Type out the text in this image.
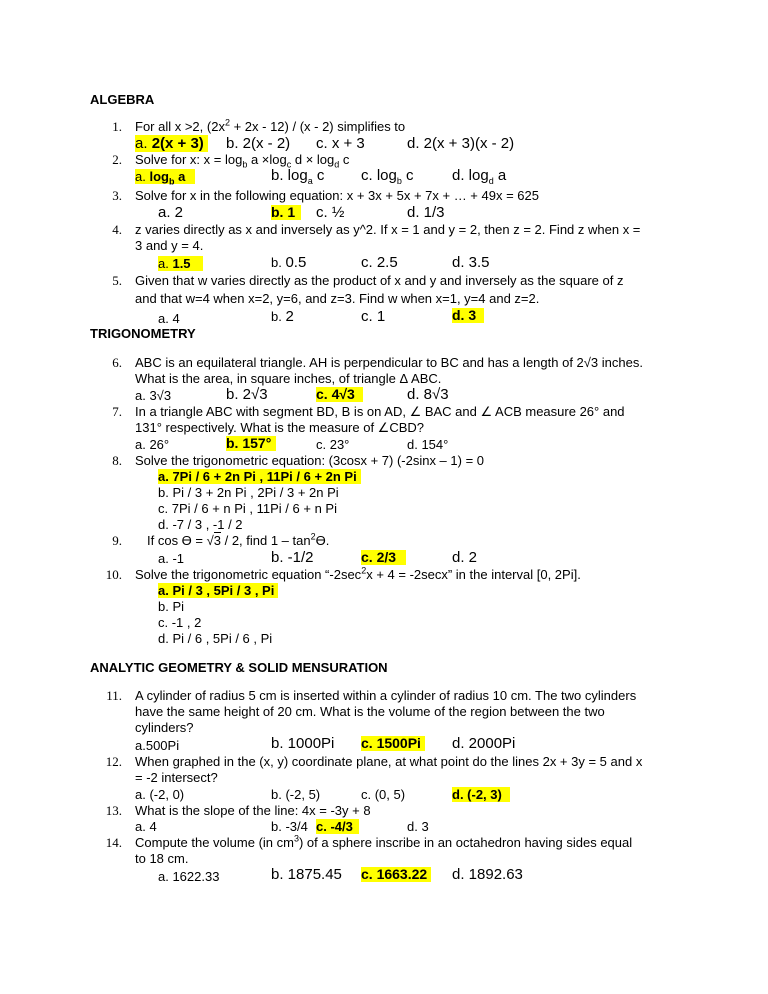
ALGEBRA
1. For all x >2, $(2x^2 + 2x - 12) / (x - 2)$ simplifies to
a. 2(x + 3) b. 2(x - 2) c. x + 3	d. 2(x + 3)(x - 2)
2. Solve for x: $x = \log_b a \times\log_c$ $d \times \log_d c$
a. $\log_b a$	b. $\log_a c$ c. $\log_b c$	d. $\log_d a$
3. Solve for x in the following equation: x + 3x + 5x + 7x + … + 49x = 625
a. 2	b. 1	c. ½	d. 1/3
4. z varies directly as x and inversely as y^2. If x = 1 and y = 2, then z = 2. Find z when x =
3 and y = 4.
a. 1.5	b. 0.5	c. 2.5	d. 3.5
5. Given that w varies directly as the product of x and y and inversely as the square of z
and that w=4 when x=2, y=6, and z=3. Find w when x=1, y=4 and z=2.
a. 4	b. 2	c. 1	d. 3
TRIGONOMETRY
6. ABC is an equilateral triangle. AH is perpendicular to BC and has a length of 2√3 inches.
What is the area, in square inches, of triangle Δ ABC.
a. 3√3	b. 2√3	c. 4√3	d. 8√3
7. In a triangle ABC with segment BD, B is on AD, ∠ BAC and ∠ ACB measure 26° and
131° respectively. What is the measure of ∠CBD?
a. 26°	b. 157°	c. 23°	d. 154°
8. Solve the trigonometric equation: (3cosx + 7) (-2sinx – 1) = 0
a. 7Pi / 6 + 2n Pi , 11Pi / 6 + 2n Pi
b. Pi / 3 + 2n Pi , 2Pi / 3 + 2n Pi
c. 7Pi / 6 + n Pi , 11Pi / 6 + n Pi
d. -7 / 3 , -1 / 2
9. If cos ϴ = √3 / 2, find $1 - \tan^2ϴ$.
a. -1	b. -1/2	c. 2/3	d. 2
10. Solve the trigonometric equation “$-2\sec^2x + 4 = -2\sec x$” in the interval [0, 2Pi].
a. Pi / 3 , 5Pi / 3 , Pi
b. Pi
c. -1 , 2
d. Pi / 6 , 5Pi / 6 , Pi
ANALYTIC GEOMETRY & SOLID MENSURATION
11. A cylinder of radius 5 cm is inserted within a cylinder of radius 10 cm. The two cylinders
have the same height of 20 cm. What is the volume of the region between the two
cylinders?
a.500Pi	b. 1000Pi c. 1500Pi d. 2000Pi
12. When graphed in the (x, y) coordinate plane, at what point do the lines 2x + 3y = 5 and x
= -2 intersect?
a. (-2, 0)	b. (-2, 5)	c. (0, 5)	d. (-2, 3)
13. What is the slope of the line: 4x = -3y + 8
a. 4	b. -3/4 c. -4/3	d. 3
14. Compute the volume (in $cm^3$) of a sphere inscribe in an octahedron having sides equal
to 18 cm.
a. 1622.33	b. 1875.45 c. 1663.22 d. 1892.63
